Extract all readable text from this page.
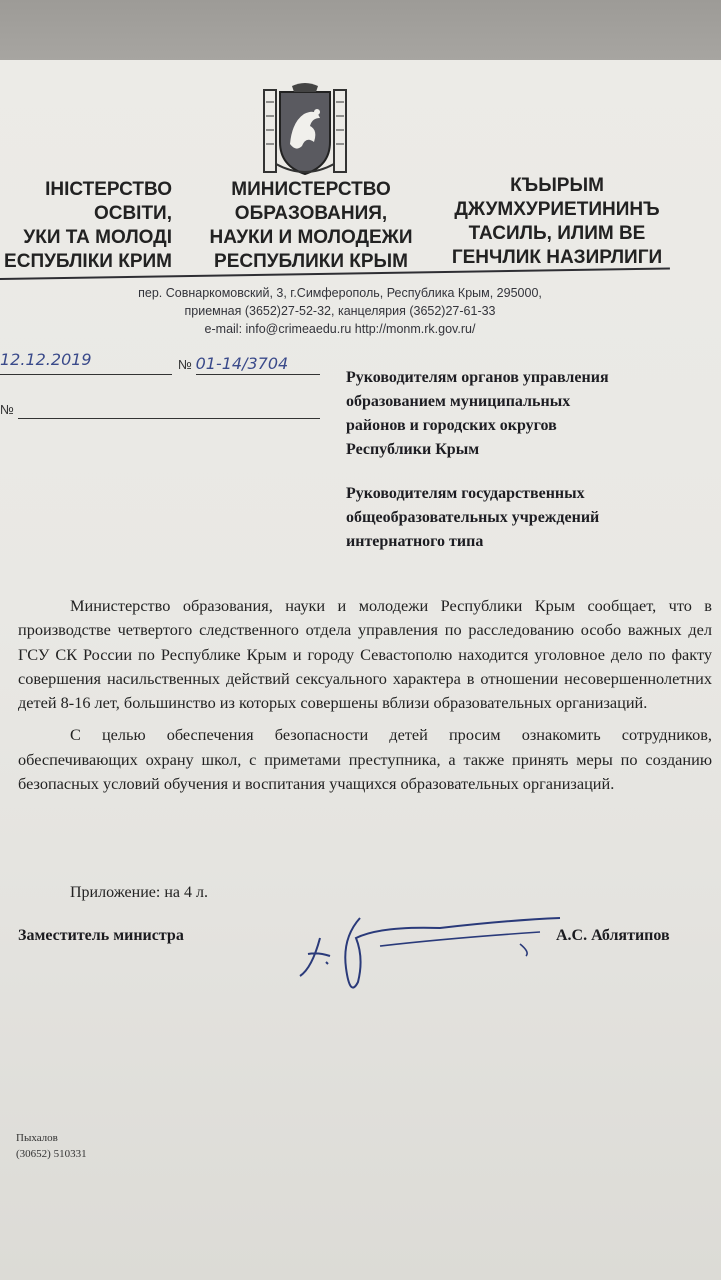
ІНІСТЕРСТВО
ОСВІТИ,
УКИ ТА МОЛОДІ
ЕСПУБЛІКИ КРИМ
МИНИСТЕРСТВО
ОБРАЗОВАНИЯ,
НАУКИ И МОЛОДЕЖИ
РЕСПУБЛИКИ КРЫМ
КЪЫРЫМ
ДЖУМХУРИЕТИНИНЪ
ТАСИЛЬ, ИЛИМ ВЕ
ГЕНЧЛИК НАЗИРЛИГИ
пер. Совнаркомовский, 3, г.Симферополь, Республика Крым, 295000,
приемная (3652)27-52-32, канцелярия (3652)27-61-33
e-mail: info@crimeaedu.ru http://monm.rk.gov.ru/
12.12.2019	№ 01-14/3704
№
Руководителям органов управления
образованием муниципальных
районов и городских округов
Республики Крым
Руководителям государственных
общеобразовательных учреждений
интернатного типа

Министерство образования, науки и молодежи Республики Крым сообщает, что в производстве четвертого следственного отдела управления по расследованию особо важных дел ГСУ СК России по Республике Крым и городу Севастополю находится уголовное дело по факту совершения насильственных действий сексуального характера в отношении несовершеннолетних детей 8-16 лет, большинство из которых совершены вблизи образовательных организаций.

С целью обеспечения безопасности детей просим ознакомить сотрудников, обеспечивающих охрану школ, с приметами преступника, а также принять меры по созданию безопасных условий обучения и воспитания учащихся образовательных организаций.

Приложение: на 4 л.
Заместитель министра	А.С. Аблятипов
Пыхалов
(30652) 510331
